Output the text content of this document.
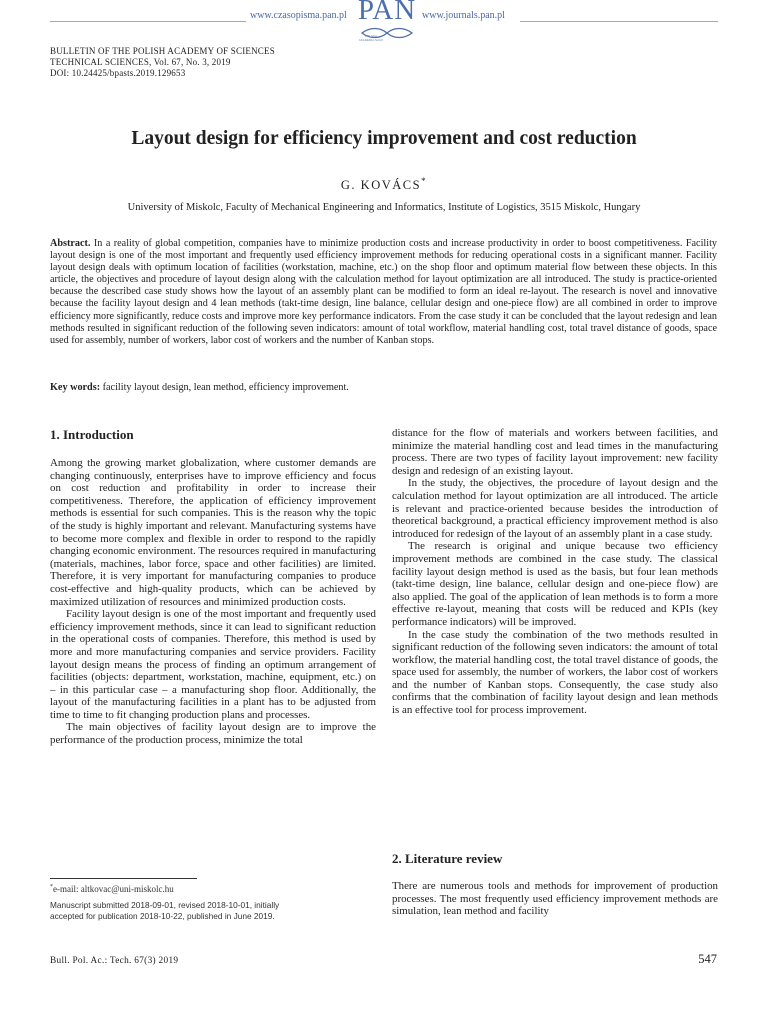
www.czasopisma.pan.pl PAN
POLSKA AKADEMIA NAUK
www.journals.pan.pl
BULLETIN OF THE POLISH ACADEMY OF SCIENCES
TECHNICAL SCIENCES, Vol. 67, No. 3, 2019
DOI: 10.24425/bpasts.2019.129653
Layout design for efficiency improvement and cost reduction
G. KOVÁCS*
University of Miskolc, Faculty of Mechanical Engineering and Informatics, Institute of Logistics, 3515 Miskolc, Hungary
Abstract. In a reality of global competition, companies have to minimize production costs and increase productivity in order to boost competitiveness. Facility layout design is one of the most important and frequently used efficiency improvement methods for reducing operational costs in a significant manner. Facility layout design deals with optimum location of facilities (workstation, machine, etc.) on the shop floor and optimum material flow between these objects. In this article, the objectives and procedure of layout design along with the calculation method for layout optimization are all introduced. The study is practice-oriented because the described case study shows how the layout of an assembly plant can be modified to form an ideal re-layout. The research is novel and innovative because the facility layout design and 4 lean methods (takt-time design, line balance, cellular design and one-piece flow) are all combined in order to improve efficiency more significantly, reduce costs and improve more key performance indicators. From the case study it can be concluded that the layout redesign and lean methods resulted in significant reduction of the following seven indicators: amount of total workflow, material handling cost, total travel distance of goods, space used for assembly, number of workers, labor cost of workers and the number of Kanban stops.
Key words: facility layout design, lean method, efficiency improvement.
1. Introduction

Among the growing market globalization, where customer demands are changing continuously, enterprises have to improve efficiency and focus on cost reduction and profitability in order to increase their competitiveness. Therefore, the application of efficiency improvement methods is essential for such companies. This is the reason why the topic of the study is highly important and relevant. Manufacturing systems have to become more complex and flexible in order to respond to the rapidly changing economic environment. The resources required in manufacturing (materials, machines, labor force, space and other facilities) are limited. Therefore, it is very important for manufacturing companies to produce cost-effective and high-quality products, which can be achieved by maximized utilization of resources and minimized production costs.

Facility layout design is one of the most important and frequently used efficiency improvement methods, since it can lead to significant reduction in the operational costs of companies. Therefore, this method is used by more and more manufacturing companies and service providers. Facility layout design means the process of finding an optimum arrangement of facilities (objects: department, workstation, machine, equipment, etc.) on – in this particular case – a manufacturing shop floor. Additionally, the layout of the manufacturing facilities in a plant has to be adjusted from time to time to fit changing production plans and processes.

The main objectives of facility layout design are to improve the performance of the production process, minimize the total

*e-mail: altkovac@uni-miskolc.hu
Manuscript submitted 2018-09-01, revised 2018-10-01, initially accepted for publication 2018-10-22, published in June 2019.

distance for the flow of materials and workers between facilities, and minimize the material handling cost and lead times in the manufacturing process. There are two types of facility layout improvement: new facility design and redesign of an existing layout.

In the study, the objectives, the procedure of layout design and the calculation method for layout optimization are all introduced. The article is relevant and practice-oriented because besides the introduction of theoretical background, a practical efficiency improvement method is also introduced for redesign of the layout of an assembly plant in a case study.

The research is original and unique because two efficiency improvement methods are combined in the case study. The classical facility layout design method is used as the basis, but four lean methods (takt-time design, line balance, cellular design and one-piece flow) are also applied. The goal of the application of lean methods is to form a more effective re-layout, meaning that costs will be reduced and KPIs (key performance indicators) will be improved.

In the case study the combination of the two methods resulted in significant reduction of the following seven indicators: the amount of total workflow, the material handling cost, the total travel distance of goods, the space used for assembly, the number of workers, the labor cost of workers and the number of Kanban stops. Consequently, the case study also confirms that the combination of facility layout design and lean methods is an effective tool for process improvement.

2. Literature review

There are numerous tools and methods for improvement of production processes. The most frequently used efficiency improvement methods are simulation, lean method and facility

Bull. Pol. Ac.: Tech. 67(3) 2019	547
